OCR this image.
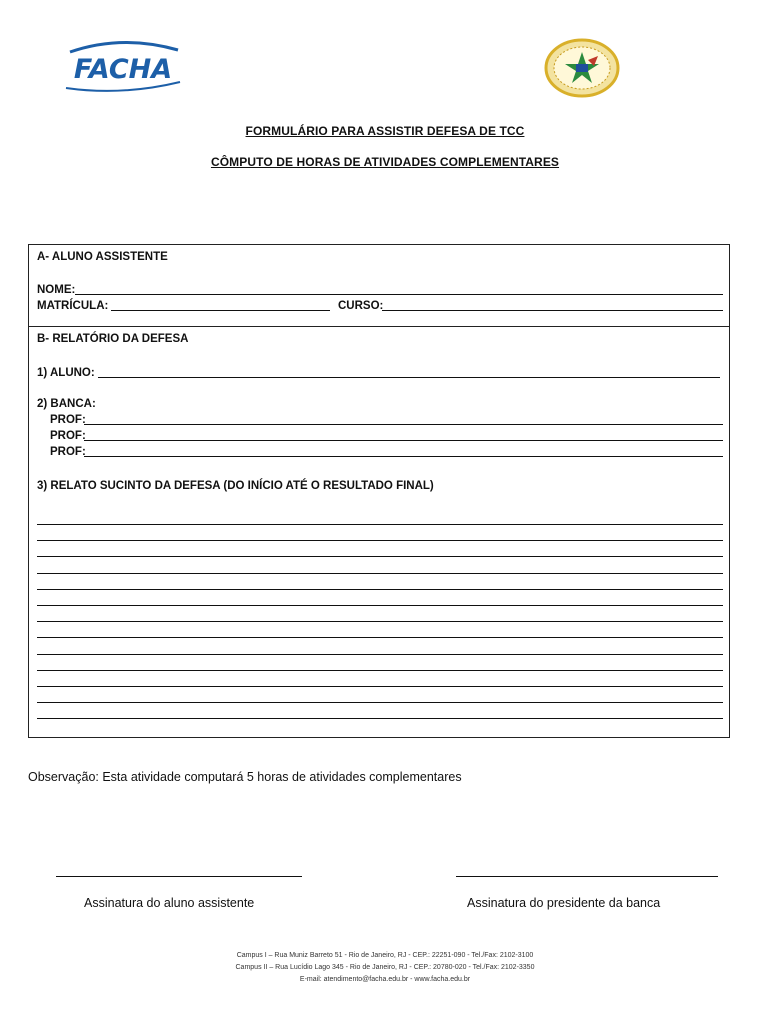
FACHA
FORMULÁRIO PARA ASSISTIR DEFESA DE TCC
CÔMPUTO DE HORAS DE ATIVIDADES COMPLEMENTARES
A- ALUNO ASSISTENTE
NOME:
MATRÍCULA:	CURSO:
B- RELATÓRIO DA DEFESA
1) ALUNO:
2) BANCA:
PROF:
PROF:
PROF:
3) RELATO SUCINTO DA DEFESA (DO INÍCIO ATÉ O RESULTADO FINAL)
Observação: Esta atividade computará 5 horas de atividades complementares
Assinatura do aluno assistente	Assinatura do presidente da banca
Campus I – Rua Muniz Barreto 51 - Rio de Janeiro, RJ - CEP.: 22251-090 - Tel./Fax: 2102-3100
Campus II – Rua Lucídio Lago 345 - Rio de Janeiro, RJ - CEP.: 20780-020 - Tel./Fax: 2102-3350
E-mail: atendimento@facha.edu.br - www.facha.edu.br
